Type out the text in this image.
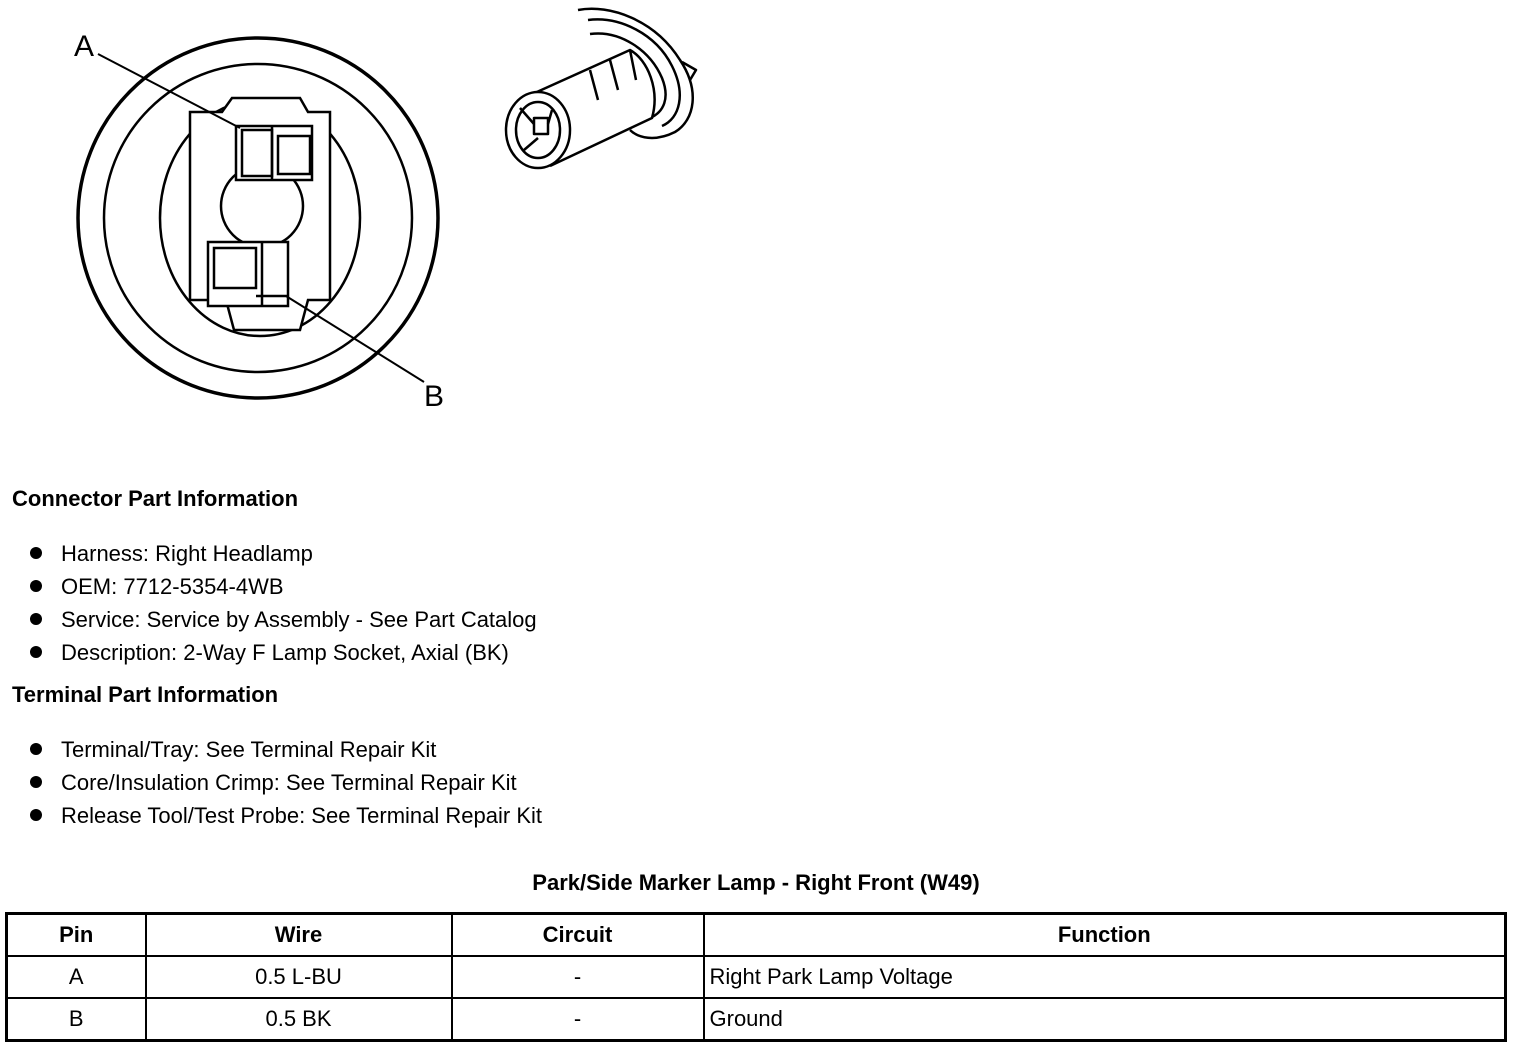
A
B
Connector Part Information
Harness: Right Headlamp
OEM: 7712-5354-4WB
Service: Service by Assembly - See Part Catalog
Description: 2-Way F Lamp Socket, Axial (BK)
Terminal Part Information
Terminal/Tray: See Terminal Repair Kit
Core/Insulation Crimp: See Terminal Repair Kit
Release Tool/Test Probe: See Terminal Repair Kit
Park/Side Marker Lamp - Right Front (W49)
Pin	Wire	Circuit	Function
A	0.5 L-BU	-	Right Park Lamp Voltage
B	0.5 BK	-	Ground
